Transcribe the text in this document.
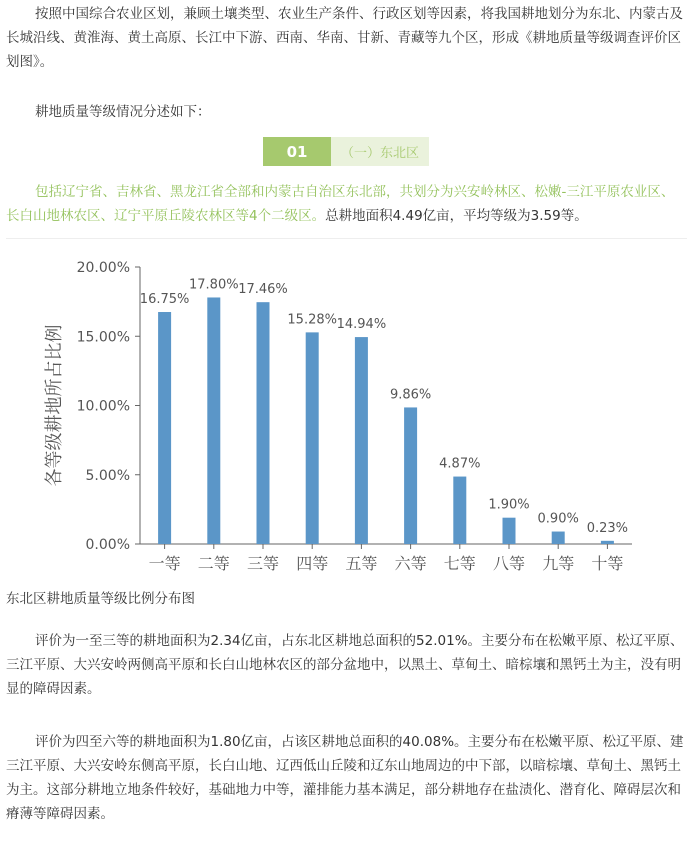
按照中国综合农业区划，兼顾土壤类型、农业生产条件、行政区划等因素，将我国耕地划分为东北、内蒙古及长城沿线、黄淮海、黄土高原、长江中下游、西南、华南、甘新、青藏等九个区，形成《耕地质量等级调查评价区划图》。

耕地质量等级情况分述如下：

01	（一）东北区

包括辽宁省、吉林省、黑龙江省全部和内蒙古自治区东北部，共划分为兴安岭林区、松嫩-三江平原农业区、长白山地林农区、辽宁平原丘陵农林区等4个二级区。总耕地面积4.49亿亩，平均等级为3.59等。

0.00%
5.00%
10.00%
15.00%
20.00%
各等级耕地所占比例
16.75%
一等
17.80%
二等
17.46%
三等
15.28%
四等
14.94%
五等
9.86%
六等
4.87%
七等
1.90%
八等
0.90%
九等
0.23%
十等
东北区耕地质量等级比例分布图

评价为一至三等的耕地面积为2.34亿亩，占东北区耕地总面积的52.01%。主要分布在松嫩平原、松辽平原、三江平原、大兴安岭两侧高平原和长白山地林农区的部分盆地中，以黑土、草甸土、暗棕壤和黑钙土为主，没有明显的障碍因素。

评价为四至六等的耕地面积为1.80亿亩，占该区耕地总面积的40.08%。主要分布在松嫩平原、松辽平原、建三江平原、大兴安岭东侧高平原，长白山地、辽西低山丘陵和辽东山地周边的中下部，以暗棕壤、草甸土、黑钙土为主。这部分耕地立地条件较好，基础地力中等，灌排能力基本满足，部分耕地存在盐渍化、潜育化、障碍层次和瘠薄等障碍因素。
